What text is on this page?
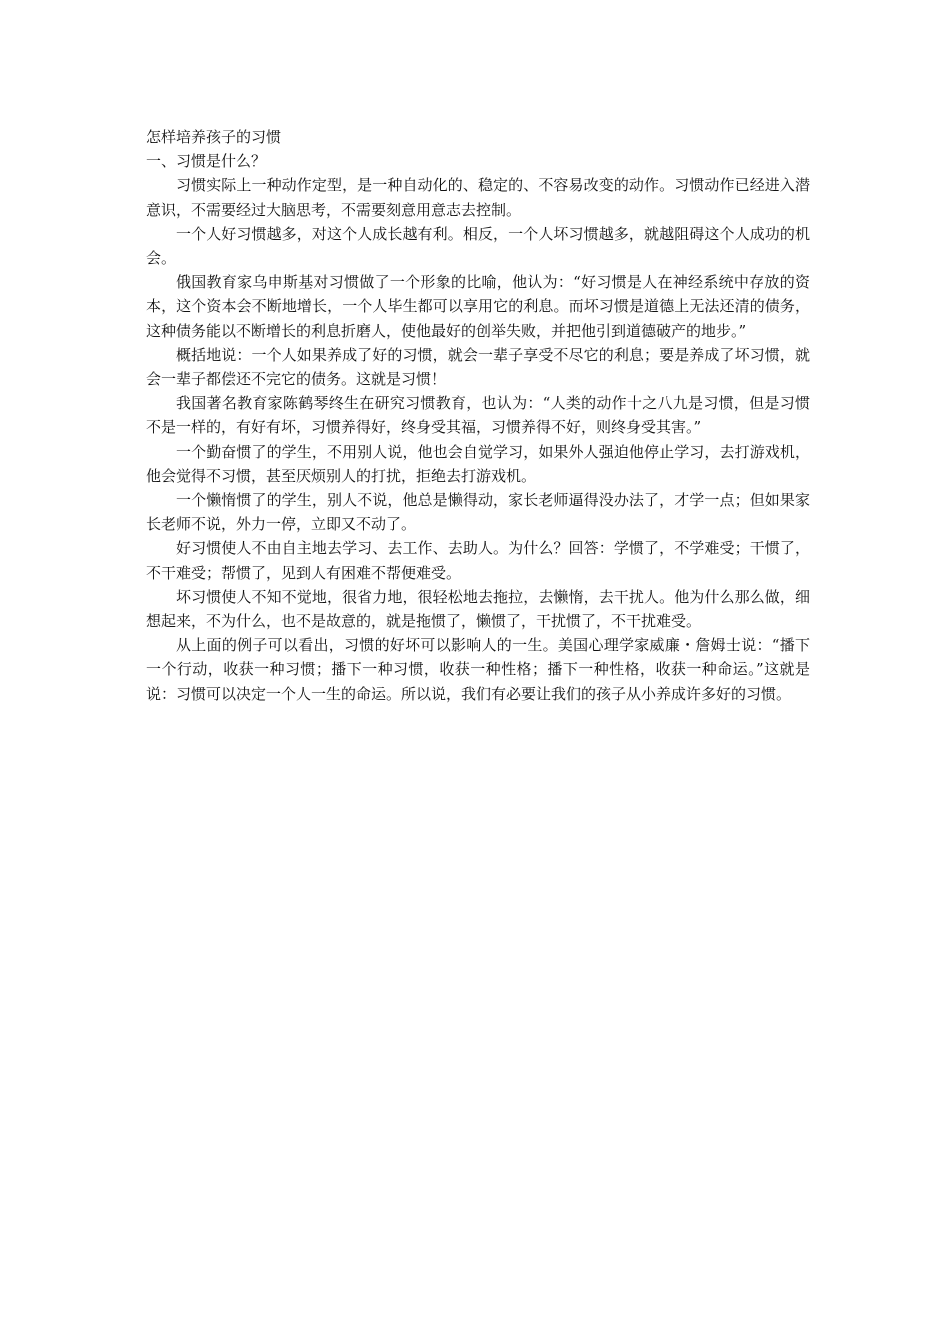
怎样培养孩子的习惯

一、习惯是什么？

习惯实际上一种动作定型，是一种自动化的、稳定的、不容易改变的动作。习惯动作已经进入潜意识，不需要经过大脑思考，不需要刻意用意志去控制。

一个人好习惯越多，对这个人成长越有利。相反，一个人坏习惯越多，就越阻碍这个人成功的机会。

俄国教育家乌申斯基对习惯做了一个形象的比喻，他认为：“好习惯是人在神经系统中存放的资本，这个资本会不断地增长，一个人毕生都可以享用它的利息。而坏习惯是道德上无法还清的债务，这种债务能以不断增长的利息折磨人，使他最好的创举失败，并把他引到道德破产的地步。”

概括地说：一个人如果养成了好的习惯，就会一辈子享受不尽它的利息；要是养成了坏习惯，就会一辈子都偿还不完它的债务。这就是习惯！

我国著名教育家陈鹤琴终生在研究习惯教育，也认为：“人类的动作十之八九是习惯，但是习惯不是一样的，有好有坏，习惯养得好，终身受其福，习惯养得不好，则终身受其害。”

一个勤奋惯了的学生，不用别人说，他也会自觉学习，如果外人强迫他停止学习，去打游戏机，他会觉得不习惯，甚至厌烦别人的打扰，拒绝去打游戏机。

一个懒惰惯了的学生，别人不说，他总是懒得动，家长老师逼得没办法了，才学一点；但如果家长老师不说，外力一停，立即又不动了。

好习惯使人不由自主地去学习、去工作、去助人。为什么？回答：学惯了，不学难受；干惯了，不干难受；帮惯了，见到人有困难不帮便难受。

坏习惯使人不知不觉地，很省力地，很轻松地去拖拉，去懒惰，去干扰人。他为什么那么做，细想起来，不为什么，也不是故意的，就是拖惯了，懒惯了，干扰惯了，不干扰难受。

从上面的例子可以看出，习惯的好坏可以影响人的一生。美国心理学家威廉・詹姆士说：“播下一个行动，收获一种习惯；播下一种习惯，收获一种性格；播下一种性格，收获一种命运。”这就是说：习惯可以决定一个人一生的命运。所以说，我们有必要让我们的孩子从小养成许多好的习惯。
